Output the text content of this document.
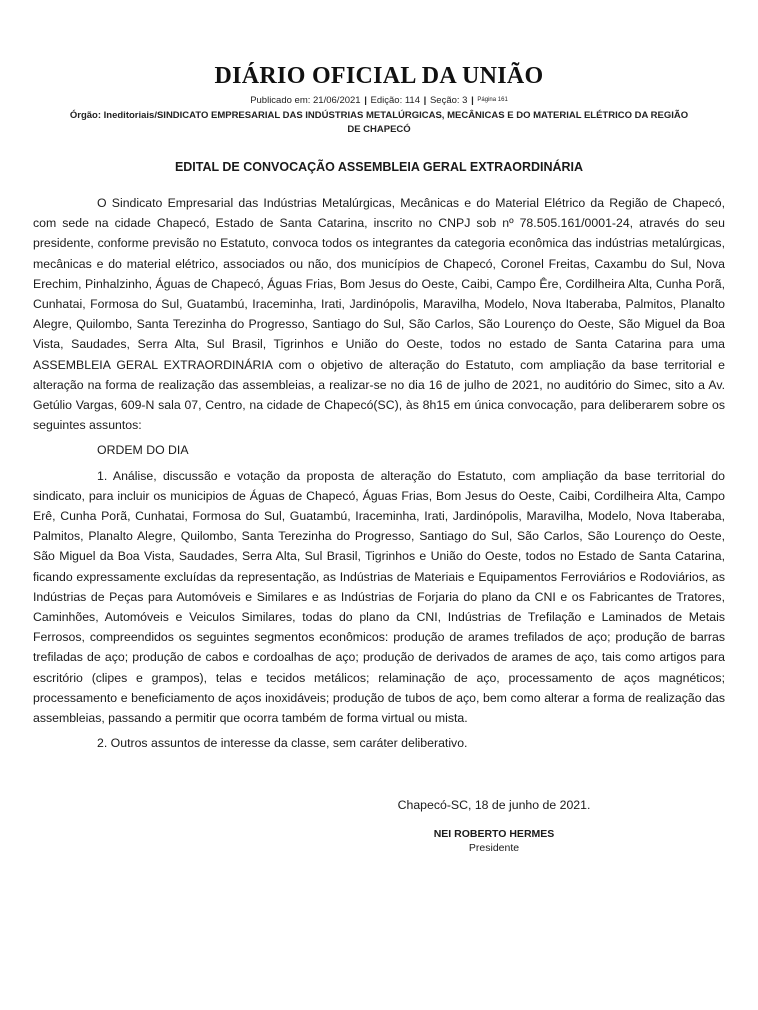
DIÁRIO OFICIAL DA UNIÃO
Publicado em: 21/06/2021 | Edição: 114 | Seção: 3 | Página 161
Órgão: Ineditoriais/SINDICATO EMPRESARIAL DAS INDÚSTRIAS METALÚRGICAS, MECÂNICAS E DO MATERIAL ELÉTRICO DA REGIÃO DE CHAPECÓ
EDITAL DE CONVOCAÇÃO ASSEMBLEIA GERAL EXTRAORDINÁRIA

O Sindicato Empresarial das Indústrias Metalúrgicas, Mecânicas e do Material Elétrico da Região de Chapecó, com sede na cidade Chapecó, Estado de Santa Catarina, inscrito no CNPJ sob nº 78.505.161/0001-24, através do seu presidente, conforme previsão no Estatuto, convoca todos os integrantes da categoria econômica das indústrias metalúrgicas, mecânicas e do material elétrico, associados ou não, dos municípios de Chapecó, Coronel Freitas, Caxambu do Sul, Nova Erechim, Pinhalzinho, Águas de Chapecó, Águas Frias, Bom Jesus do Oeste, Caibi, Campo Êre, Cordilheira Alta, Cunha Porã, Cunhatai, Formosa do Sul, Guatambú, Iraceminha, Irati, Jardinópolis, Maravilha, Modelo, Nova Itaberaba, Palmitos, Planalto Alegre, Quilombo, Santa Terezinha do Progresso, Santiago do Sul, São Carlos, São Lourenço do Oeste, São Miguel da Boa Vista, Saudades, Serra Alta, Sul Brasil, Tigrinhos e União do Oeste, todos no estado de Santa Catarina para uma ASSEMBLEIA GERAL EXTRAORDINÁRIA com o objetivo de alteração do Estatuto, com ampliação da base territorial e alteração na forma de realização das assembleias, a realizar-se no dia 16 de julho de 2021, no auditório do Simec, sito a Av. Getúlio Vargas, 609-N sala 07, Centro, na cidade de Chapecó(SC), às 8h15 em única convocação, para deliberarem sobre os seguintes assuntos:

ORDEM DO DIA

1. Análise, discussão e votação da proposta de alteração do Estatuto, com ampliação da base territorial do sindicato, para incluir os municipios de Águas de Chapecó, Águas Frias, Bom Jesus do Oeste, Caibi, Cordilheira Alta, Campo Erê, Cunha Porã, Cunhatai, Formosa do Sul, Guatambú, Iraceminha, Irati, Jardinópolis, Maravilha, Modelo, Nova Itaberaba, Palmitos, Planalto Alegre, Quilombo, Santa Terezinha do Progresso, Santiago do Sul, São Carlos, São Lourenço do Oeste, São Miguel da Boa Vista, Saudades, Serra Alta, Sul Brasil, Tigrinhos e União do Oeste, todos no Estado de Santa Catarina, ficando expressamente excluídas da representação, as Indústrias de Materiais e Equipamentos Ferroviários e Rodoviários, as Indústrias de Peças para Automóveis e Similares e as Indústrias de Forjaria do plano da CNI e os Fabricantes de Tratores, Caminhões, Automóveis e Veiculos Similares, todas do plano da CNI, Indústrias de Trefilação e Laminados de Metais Ferrosos, compreendidos os seguintes segmentos econômicos: produção de arames trefilados de aço; produção de barras trefiladas de aço; produção de cabos e cordoalhas de aço; produção de derivados de arames de aço, tais como artigos para escritório (clipes e grampos), telas e tecidos metálicos; relaminação de aço, processamento de aços magnéticos; processamento e beneficiamento de aços inoxidáveis; produção de tubos de aço, bem como alterar a forma de realização das assembleias, passando a permitir que ocorra também de forma virtual ou mista.

2. Outros assuntos de interesse da classe, sem caráter deliberativo.

Chapecó-SC, 18 de junho de 2021.
NEI ROBERTO HERMES
Presidente
